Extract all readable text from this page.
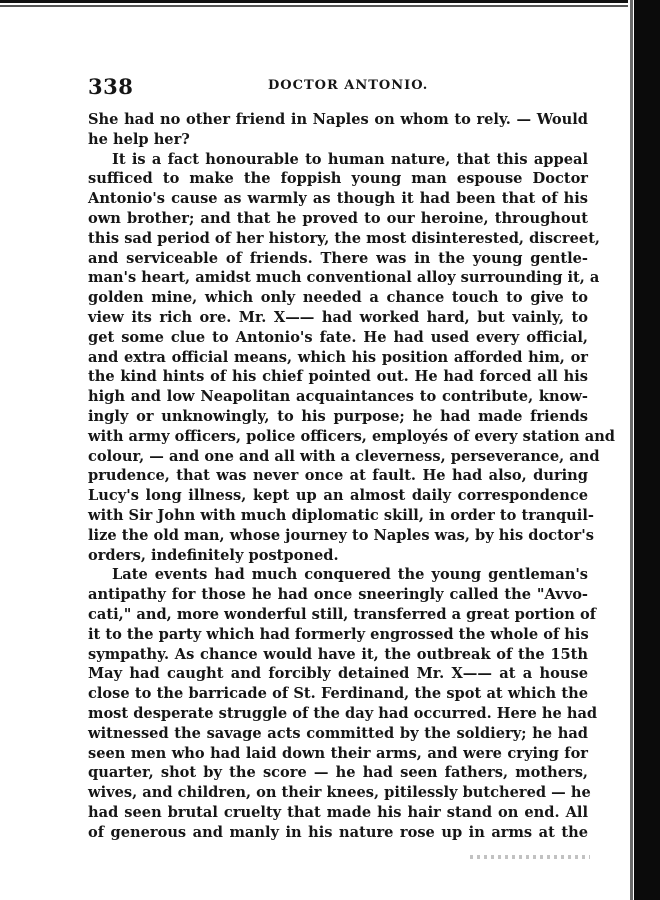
338	DOCTOR ANTONIO.
She had no other friend in Naples on whom to rely. — Would
he help her?
It is a fact honourable to human nature, that this appeal
sufficed to make the foppish young man espouse Doctor
Antonio's cause as warmly as though it had been that of his
own brother; and that he proved to our heroine, throughout
this sad period of her history, the most disinterested, discreet,
and serviceable of friends. There was in the young gentle-
man's heart, amidst much conventional alloy surrounding it, a
golden mine, which only needed a chance touch to give to
view its rich ore. Mr. X—— had worked hard, but vainly, to
get some clue to Antonio's fate. He had used every official,
and extra official means, which his position afforded him, or
the kind hints of his chief pointed out. He had forced all his
high and low Neapolitan acquaintances to contribute, know-
ingly or unknowingly, to his purpose; he had made friends
with army officers, police officers, employés of every station and
colour, — and one and all with a cleverness, perseverance, and
prudence, that was never once at fault. He had also, during
Lucy's long illness, kept up an almost daily correspondence
with Sir John with much diplomatic skill, in order to tranquil-
lize the old man, whose journey to Naples was, by his doctor's
orders, indefinitely postponed.
Late events had much conquered the young gentleman's
antipathy for those he had once sneeringly called the "Avvo-
cati," and, more wonderful still, transferred a great portion of
it to the party which had formerly engrossed the whole of his
sympathy. As chance would have it, the outbreak of the 15th
May had caught and forcibly detained Mr. X—— at a house
close to the barricade of St. Ferdinand, the spot at which the
most desperate struggle of the day had occurred. Here he had
witnessed the savage acts committed by the soldiery; he had
seen men who had laid down their arms, and were crying for
quarter, shot by the score — he had seen fathers, mothers,
wives, and children, on their knees, pitilessly butchered — he
had seen brutal cruelty that made his hair stand on end. All
of generous and manly in his nature rose up in arms at the
